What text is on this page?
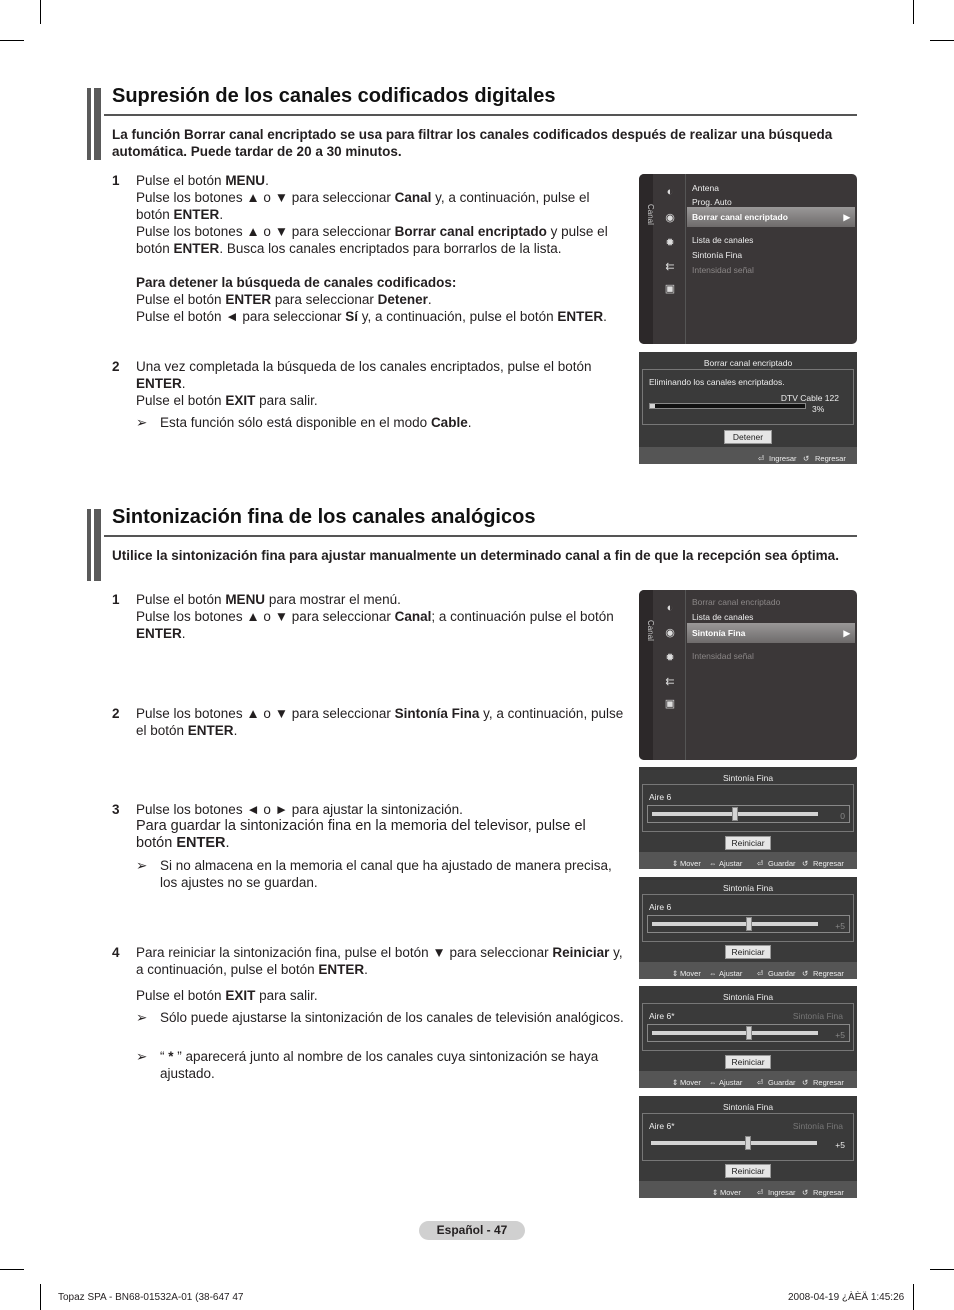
Supresión de los canales codificados digitales
La función Borrar canal encriptado se usa para filtrar los canales codificados después de realizar una búsqueda automática. Puede tardar de 20 a 30 minutos.
1 Pulse el botón MENU.
Pulse los botones ▲ o ▼ para seleccionar Canal y, a continuación, pulse el botón ENTER.
Pulse los botones ▲ o ▼ para seleccionar Borrar canal encriptado y pulse el botón ENTER. Busca los canales encriptados para borrarlos de la lista.
Para detener la búsqueda de canales codificados:
Pulse el botón ENTER para seleccionar Detener.
Pulse el botón ◄ para seleccionar Sí y, a continuación, pulse el botón ENTER.
2 Una vez completada la búsqueda de los canales encriptados, pulse el botón ENTER.
Pulse el botón EXIT para salir.
➢ Esta función sólo está disponible en el modo Cable.
Canal
◐
◉
✹
⇇
▣
Antena
Prog. Auto
Borrar canal encriptado	▶
Lista de canales
Sintonía Fina
Intensidad señal
Borrar canal encriptado
Eliminando los canales encriptados.
DTV Cable 122
3%
Detener
⏎ Ingresar ↺ Regresar
Sintonización fina de los canales analógicos
Utilice la sintonización fina para ajustar manualmente un determinado canal a fin de que la recepción sea óptima.
1 Pulse el botón MENU para mostrar el menú.
Pulse los botones ▲ o ▼ para seleccionar Canal; a continuación pulse el botón ENTER.
2 Pulse los botones ▲ o ▼ para seleccionar Sintonía Fina y, a continuación, pulse el botón ENTER.
3 Pulse los botones ◄ o ► para ajustar la sintonización.
Para guardar la sintonización fina en la memoria del televisor, pulse el botón ENTER.
➢ Si no almacena en la memoria el canal que ha ajustado de manera precisa, los ajustes no se guardan.
4 Para reiniciar la sintonización fina, pulse el botón ▼ para seleccionar Reiniciar y, a continuación, pulse el botón ENTER.
Pulse el botón EXIT para salir.
➢ Sólo puede ajustarse la sintonización de los canales de televisión analógicos.
➢ “ * ” aparecerá junto al nombre de los canales cuya sintonización se haya ajustado.
Canal
◐
◉
✹
⇇
▣
Borrar canal encriptado
Lista de canales
Sintonía Fina	▶
Intensidad señal
Sintonía Fina
Aire 6
0
Reiniciar
⇕ Mover ⇔ Ajustar ⏎ Guardar ↺ Regresar
Sintonía Fina
Aire 6
+5
Reiniciar
⇕ Mover ⇔ Ajustar ⏎ Guardar ↺ Regresar
Sintonía Fina
Aire 6*	Sintonía Fina
+5
Reiniciar
⇕ Mover ⇔ Ajustar ⏎ Guardar ↺ Regresar
Sintonía Fina
Aire 6*	Sintonía Fina
+5
Reiniciar
⇕ Mover ⏎ Ingresar ↺ Regresar
Español - 47
Topaz SPA - BN68-01532A-01 (38-647 47	2008-04-19 ¿ÀÈÄ 1:45:26
